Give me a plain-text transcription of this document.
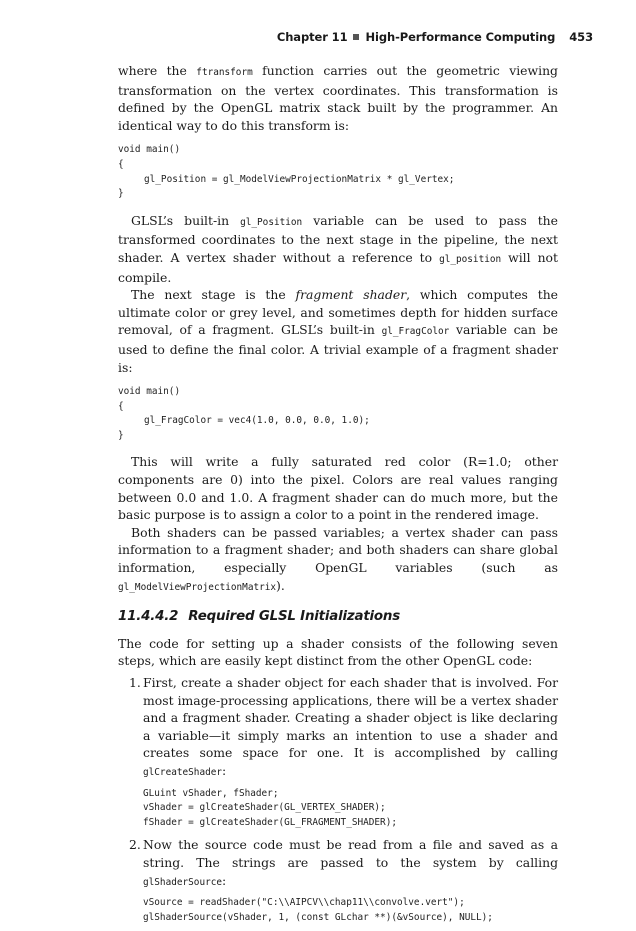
Chapter 11 High-Performance Computing 453

where the ftransform function carries out the geometric viewing transformation on the vertex coordinates. This transformation is defined by the OpenGL matrix stack built by the programmer. An identical way to do this transform is:

void main()
{
gl_Position = gl_ModelViewProjectionMatrix * gl_Vertex;
}

GLSL’s built-in gl_Position variable can be used to pass the transformed coordinates to the next stage in the pipeline, the next shader. A vertex shader without a reference to gl_position will not compile.

The next stage is the fragment shader, which computes the ultimate color or grey level, and sometimes depth for hidden surface removal, of a fragment. GLSL’s built-in gl_FragColor variable can be used to define the final color. A trivial example of a fragment shader is:

void main()
{
gl_FragColor = vec4(1.0, 0.0, 0.0, 1.0);
}

This will write a fully saturated red color (R=1.0; other components are 0) into the pixel. Colors are real values ranging between 0.0 and 1.0. A fragment shader can do much more, but the basic purpose is to assign a color to a point in the rendered image.

Both shaders can be passed variables; a vertex shader can pass information to a fragment shader; and both shaders can share global information, especially OpenGL variables (such as gl_ModelViewProjectionMatrix).

11.4.4.2 Required GLSL Initializations

The code for setting up a shader consists of the following seven steps, which are easily kept distinct from the other OpenGL code:

1. First, create a shader object for each shader that is involved. For most image-processing applications, there will be a vertex shader and a fragment shader. Creating a shader object is like declaring a variable—it simply marks an intention to use a shader and creates some space for one. It is accomplished by calling glCreateShader:

GLuint vShader, fShader;
vShader = glCreateShader(GL_VERTEX_SHADER);
fShader = glCreateShader(GL_FRAGMENT_SHADER);
2. Now the source code must be read from a file and saved as a string. The strings are passed to the system by calling glShaderSource:

vSource = readShader("C:\\AIPCV\\chap11\\convolve.vert");
glShaderSource(vShader, 1, (const GLchar **)(&vSource), NULL);
